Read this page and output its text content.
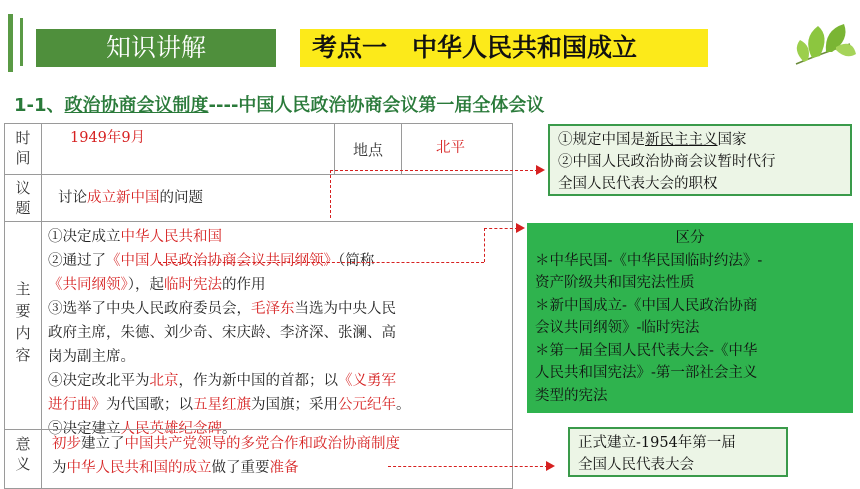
知识讲解	考点一　中华人民共和国成立
1-1、政治协商会议制度----中国人民政治协商会议第一届全体会议
时
间
1949年9月
地点	北平
议
题
讨论成立新中国的问题
主
要
内
容
①决定成立中华人民共和国
②通过了《中国人民政治协商会议共同纲领》（简称
《共同纲领》），起临时宪法的作用
③选举了中央人民政府委员会，毛泽东当选为中央人民
政府主席，朱德、刘少奇、宋庆龄、李济深、张澜、高
岗为副主席。
④决定改北平为北京，作为新中国的首都；以《义勇军
进行曲》为代国歌；以五星红旗为国旗；采用公元纪年。
⑤决定建立人民英雄纪念碑。
意
义
初步建立了中国共产党领导的多党合作和政治协商制度
为中华人民共和国的成立做了重要准备
①规定中国是新民主主义国家
②中国人民政治协商会议暂时代行
全国人民代表大会的职权
区分
＊中华民国-《中华民国临时约法》-
资产阶级共和国宪法性质
＊新中国成立-《中国人民政治协商
会议共同纲领》-临时宪法
＊第一届全国人民代表大会-《中华
人民共和国宪法》-第一部社会主义
类型的宪法
正式建立-1954年第一届
全国人民代表大会
